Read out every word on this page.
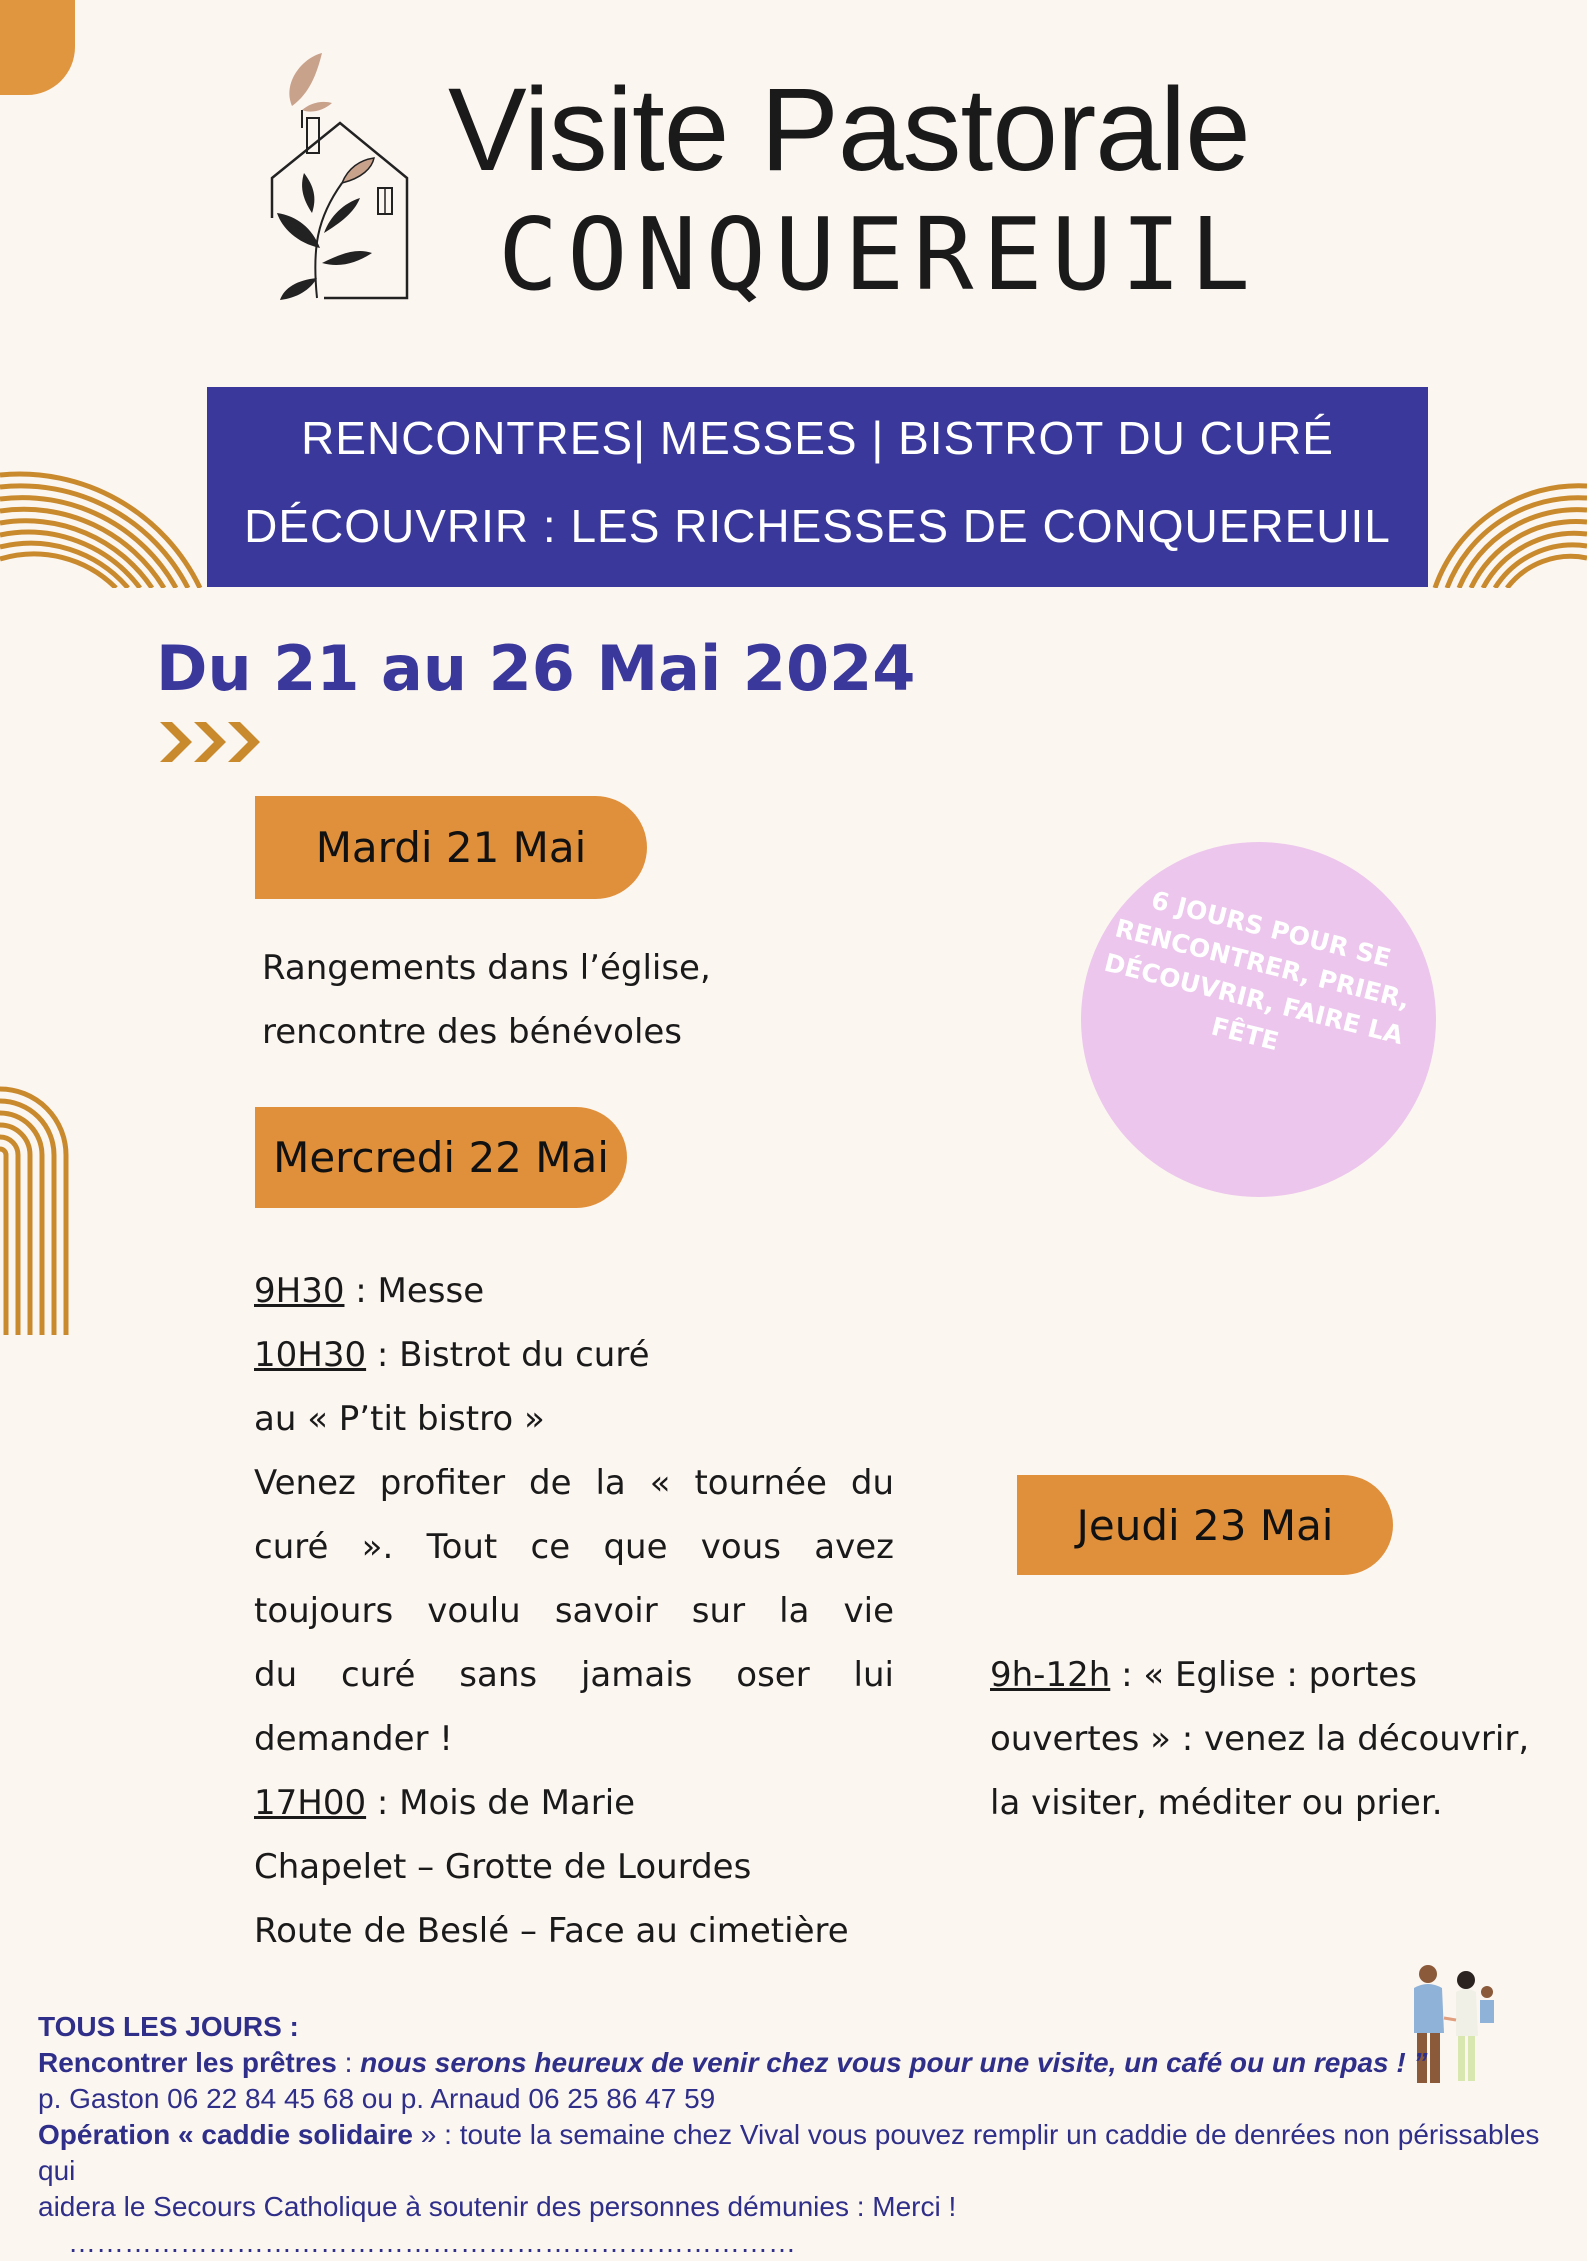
Visite Pastorale
CONQUEREUIL
RENCONTRES| MESSES | BISTROT DU CURÉ
DÉCOUVRIR : LES RICHESSES DE CONQUEREUIL
Du 21 au 26 Mai 2024
Mardi 21 Mai
Rangements dans l’église,
rencontre des bénévoles
Mercredi 22 Mai
9H30 : Messe
10H30 : Bistrot du curé
au « P’tit bistro »
Venez profiter de la « tournée du
curé ». Tout ce que vous avez
toujours voulu savoir sur la vie
du curé sans jamais oser lui
demander !
17H00 : Mois de Marie
Chapelet – Grotte de Lourdes
Route de Beslé – Face au cimetière
6 JOURS POUR SE RENCONTRER, PRIER, DÉCOUVRIR, FAIRE LA FÊTE
Jeudi 23 Mai
9h-12h : « Eglise : portes
ouvertes » : venez la découvrir,
la visiter, méditer ou prier.
TOUS LES JOURS :
Rencontrer les prêtres : nous serons heureux de venir chez vous pour une visite, un café ou un repas ! ”
p. Gaston 06 22 84 45 68 ou p. Arnaud 06 25 86 47 59
Opération « caddie solidaire » : toute la semaine chez Vival vous pouvez remplir un caddie de denrées non périssables qui
aidera le Secours Catholique à soutenir des personnes démunies : Merci !
……………………………………………………………………
